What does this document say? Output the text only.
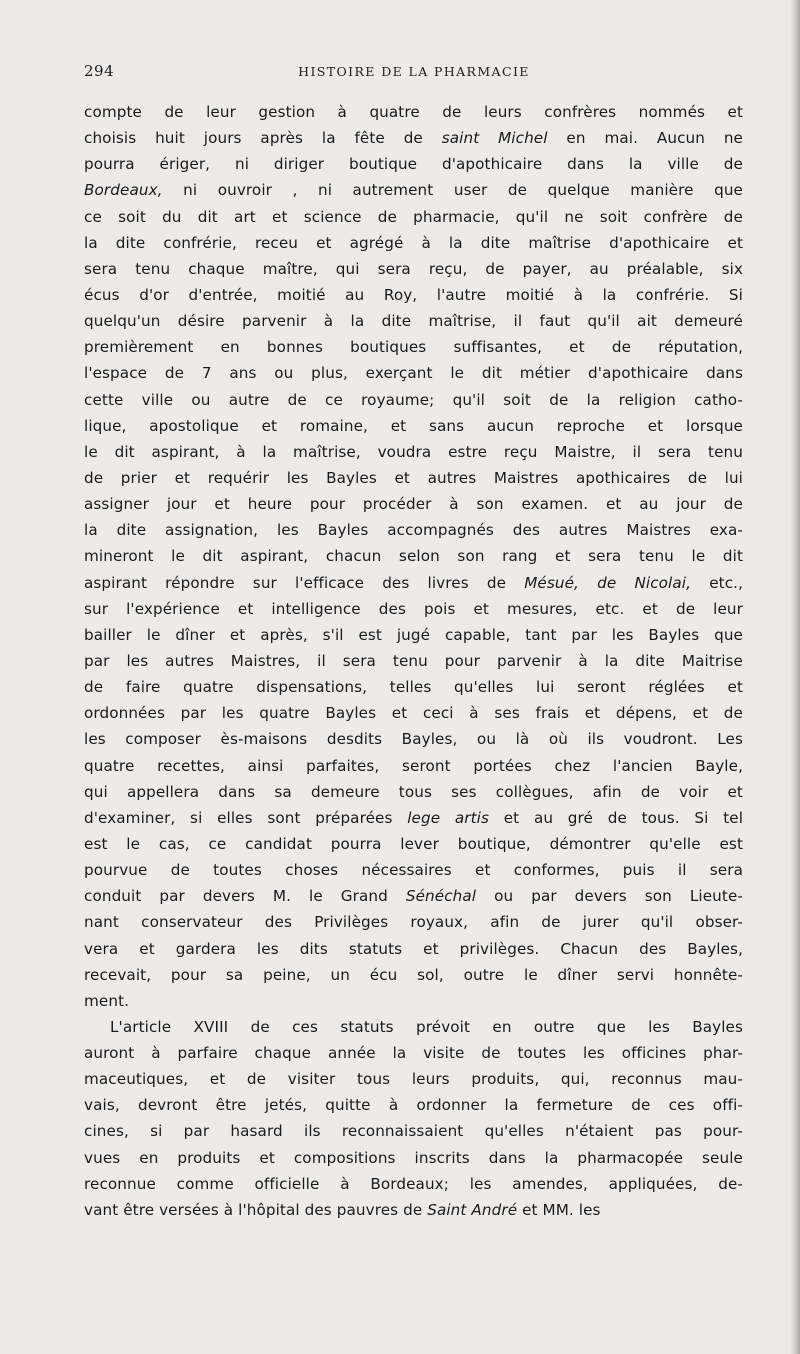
294	HISTOIRE DE LA PHARMACIE
compte de leur gestion à quatre de leurs confrères nommés et
choisis huit jours après la fête de saint Michel en mai. Aucun ne
pourra ériger, ni diriger boutique d'apothicaire dans la ville de
Bordeaux, ni ouvroir , ni autrement user de quelque manière que
ce soit du dit art et science de pharmacie, qu'il ne soit confrère de
la dite confrérie, receu et agrégé à la dite maîtrise d'apothicaire et
sera tenu chaque maître, qui sera reçu, de payer, au préalable, six
écus d'or d'entrée, moitié au Roy, l'autre moitié à la confrérie. Si
quelqu'un désire parvenir à la dite maîtrise, il faut qu'il ait demeuré
premièrement en bonnes boutiques suffisantes, et de réputation,
l'espace de 7 ans ou plus, exerçant le dit métier d'apothicaire dans
cette ville ou autre de ce royaume; qu'il soit de la religion catho-
lique, apostolique et romaine, et sans aucun reproche et lorsque
le dit aspirant, à la maîtrise, voudra estre reçu Maistre, il sera tenu
de prier et requérir les Bayles et autres Maistres apothicaires de lui
assigner jour et heure pour procéder à son examen. et au jour de
la dite assignation, les Bayles accompagnés des autres Maistres exa-
mineront le dit aspirant, chacun selon son rang et sera tenu le dit
aspirant répondre sur l'efficace des livres de Mésué, de Nicolai, etc.,
sur l'expérience et intelligence des pois et mesures, etc. et de leur
bailler le dîner et après, s'il est jugé capable, tant par les Bayles que
par les autres Maistres, il sera tenu pour parvenir à la dite Maitrise
de faire quatre dispensations, telles qu'elles lui seront réglées et
ordonnées par les quatre Bayles et ceci à ses frais et dépens, et de
les composer ès-maisons desdits Bayles, ou là où ils voudront. Les
quatre recettes, ainsi parfaites, seront portées chez l'ancien Bayle,
qui appellera dans sa demeure tous ses collègues, afin de voir et
d'examiner, si elles sont préparées lege artis et au gré de tous. Si tel
est le cas, ce candidat pourra lever boutique, démontrer qu'elle est
pourvue de toutes choses nécessaires et conformes, puis il sera
conduit par devers M. le Grand Sénéchal ou par devers son Lieute-
nant conservateur des Privilèges royaux, afin de jurer qu'il obser-
vera et gardera les dits statuts et privilèges. Chacun des Bayles,
recevait, pour sa peine, un écu sol, outre le dîner servi honnête-
ment.
L'article XVIII de ces statuts prévoit en outre que les Bayles
auront à parfaire chaque année la visite de toutes les officines phar-
maceutiques, et de visiter tous leurs produits, qui, reconnus mau-
vais, devront être jetés, quitte à ordonner la fermeture de ces offi-
cines, si par hasard ils reconnaissaient qu'elles n'étaient pas pour-
vues en produits et compositions inscrits dans la pharmacopée seule
reconnue comme officielle à Bordeaux; les amendes, appliquées, de-
vant être versées à l'hôpital des pauvres de Saint André et MM. les
